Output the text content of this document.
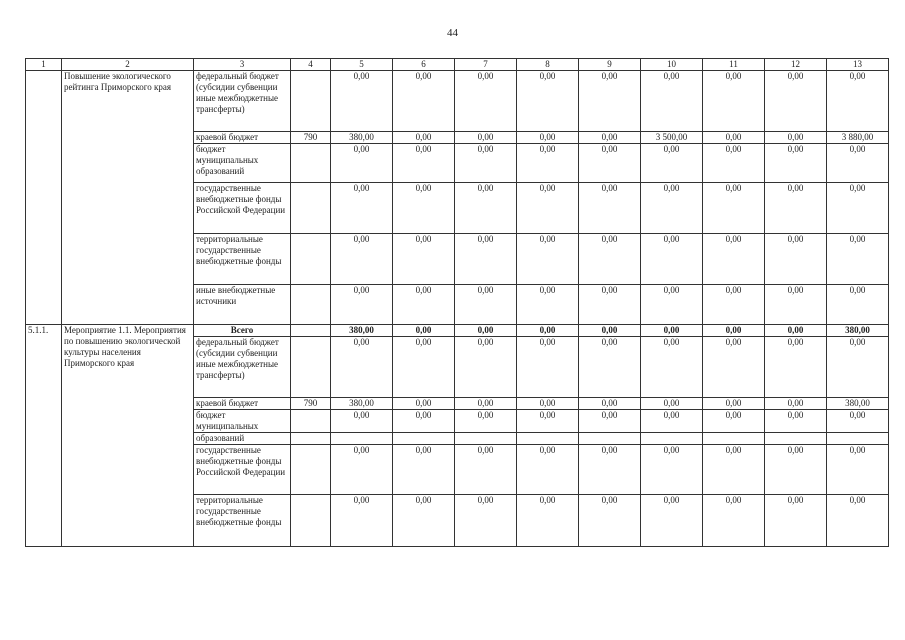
44
1	2	3	4	5	6	7	8	9	10	11	12	13
	Повышение экологического рейтинга Приморского края	федеральный бюджет (субсидии субвенции иные межбюджетные трансферты)		0,00	0,00	0,00	0,00	0,00	0,00	0,00	0,00	0,00
		краевой бюджет	790	380,00	0,00	0,00	0,00	0,00	3 500,00	0,00	0,00	3 880,00
		бюджет муниципальных образований		0,00	0,00	0,00	0,00	0,00	0,00	0,00	0,00	0,00
		государственные внебюджетные фонды Российской Федерации		0,00	0,00	0,00	0,00	0,00	0,00	0,00	0,00	0,00
		территориальные государственные внебюджетные фонды		0,00	0,00	0,00	0,00	0,00	0,00	0,00	0,00	0,00
		иные внебюджетные источники		0,00	0,00	0,00	0,00	0,00	0,00	0,00	0,00	0,00
5.1.1.	Мероприятие 1.1. Мероприятия по повышению экологической культуры населения Приморского края	Всего		380,00	0,00	0,00	0,00	0,00	0,00	0,00	0,00	380,00
		федеральный бюджет (субсидии субвенции иные межбюджетные трансферты)		0,00	0,00	0,00	0,00	0,00	0,00	0,00	0,00	0,00
		краевой бюджет	790	380,00	0,00	0,00	0,00	0,00	0,00	0,00	0,00	380,00
		бюджет муниципальных		0,00	0,00	0,00	0,00	0,00	0,00	0,00	0,00	0,00
		образований										
		государственные внебюджетные фонды Российской Федерации		0,00	0,00	0,00	0,00	0,00	0,00	0,00	0,00	0,00
		территориальные государственные внебюджетные фонды		0,00	0,00	0,00	0,00	0,00	0,00	0,00	0,00	0,00
